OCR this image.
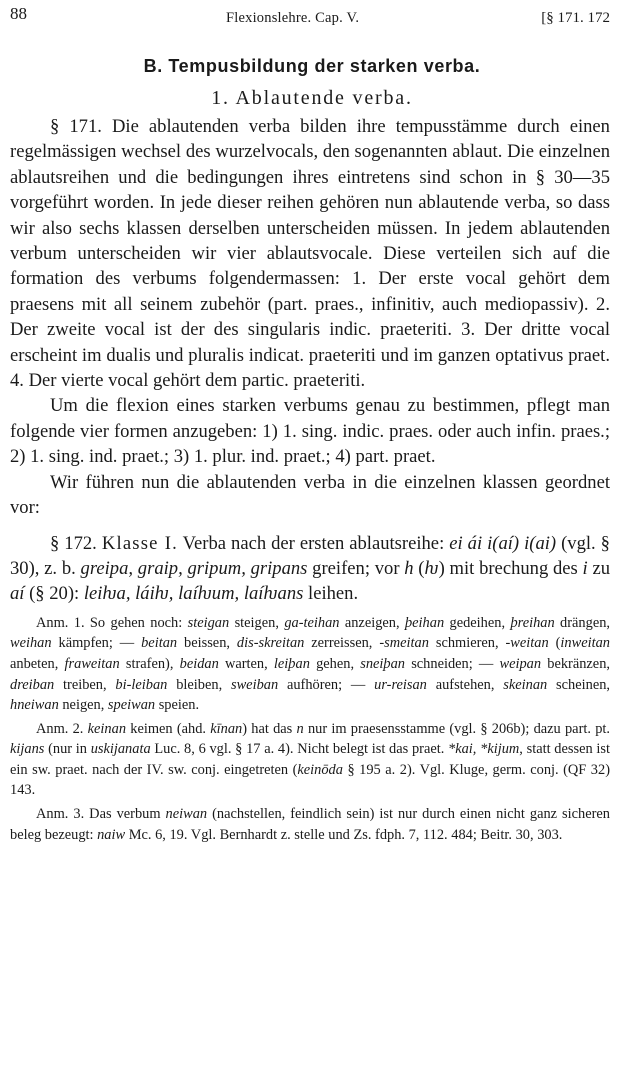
88	Flexionslehre. Cap. V.	[§ 171. 172
B. Tempusbildung der starken verba.
1. Ablautende verba.

§ 171. Die ablautenden verba bilden ihre tempusstämme durch einen regelmässigen wechsel des wurzelvocals, den sogenannten ablaut. Die einzelnen ablautsreihen und die bedingungen ihres eintretens sind schon in § 30—35 vorgeführt worden. In jede dieser reihen gehören nun ablautende verba, so dass wir also sechs klassen derselben unterscheiden müssen. In jedem ablautenden verbum unterscheiden wir vier ablautsvocale. Diese verteilen sich auf die formation des verbums folgendermassen: 1. Der erste vocal gehört dem praesens mit all seinem zubehör (part. praes., infinitiv, auch mediopassiv). 2. Der zweite vocal ist der des singularis indic. praeteriti. 3. Der dritte vocal erscheint im dualis und pluralis indicat. praeteriti und im ganzen optativus praet. 4. Der vierte vocal gehört dem partic. praeteriti.

Um die flexion eines starken verbums genau zu bestimmen, pflegt man folgende vier formen anzugeben: 1) 1. sing. indic. praes. oder auch infin. praes.; 2) 1. sing. ind. praet.; 3) 1. plur. ind. praet.; 4) part. praet.

Wir führen nun die ablautenden verba in die einzelnen klassen geordnet vor:

§ 172. Klasse I. Verba nach der ersten ablautsreihe: ei ái i(aí) i(ai) (vgl. § 30), z. b. greipa, graip, gripum, gripans greifen; vor h (ƕ) mit brechung des i zu aí (§ 20): leiƕa, láiƕ, laíƕum, laíƕans leihen.

Anm. 1. So gehen noch: steigan steigen, ga-teihan anzeigen, þeihan gedeihen, þreihan drängen, weihan kämpfen; — beitan beissen, dis-skreitan zerreissen, -smeitan schmieren, -weitan (inweitan anbeten, fraweitan strafen), beidan warten, leiþan gehen, sneiþan schneiden; — weipan bekränzen, dreiban treiben, bi-leiban bleiben, sweiban aufhören; — ur-reisan aufstehen, skeinan scheinen, hneiwan neigen, speiwan speien.

Anm. 2. keinan keimen (ahd. kīnan) hat das n nur im praesensstamme (vgl. § 206b); dazu part. pt. kijans (nur in uskijanata Luc. 8, 6 vgl. § 17 a. 4). Nicht belegt ist das praet. *kai, *kijum, statt dessen ist ein sw. praet. nach der IV. sw. conj. eingetreten (keinōda § 195 a. 2). Vgl. Kluge, germ. conj. (QF 32) 143.

Anm. 3. Das verbum neiwan (nachstellen, feindlich sein) ist nur durch einen nicht ganz sicheren beleg bezeugt: naiw Mc. 6, 19. Vgl. Bernhardt z. stelle und Zs. fdph. 7, 112. 484; Beitr. 30, 303.
